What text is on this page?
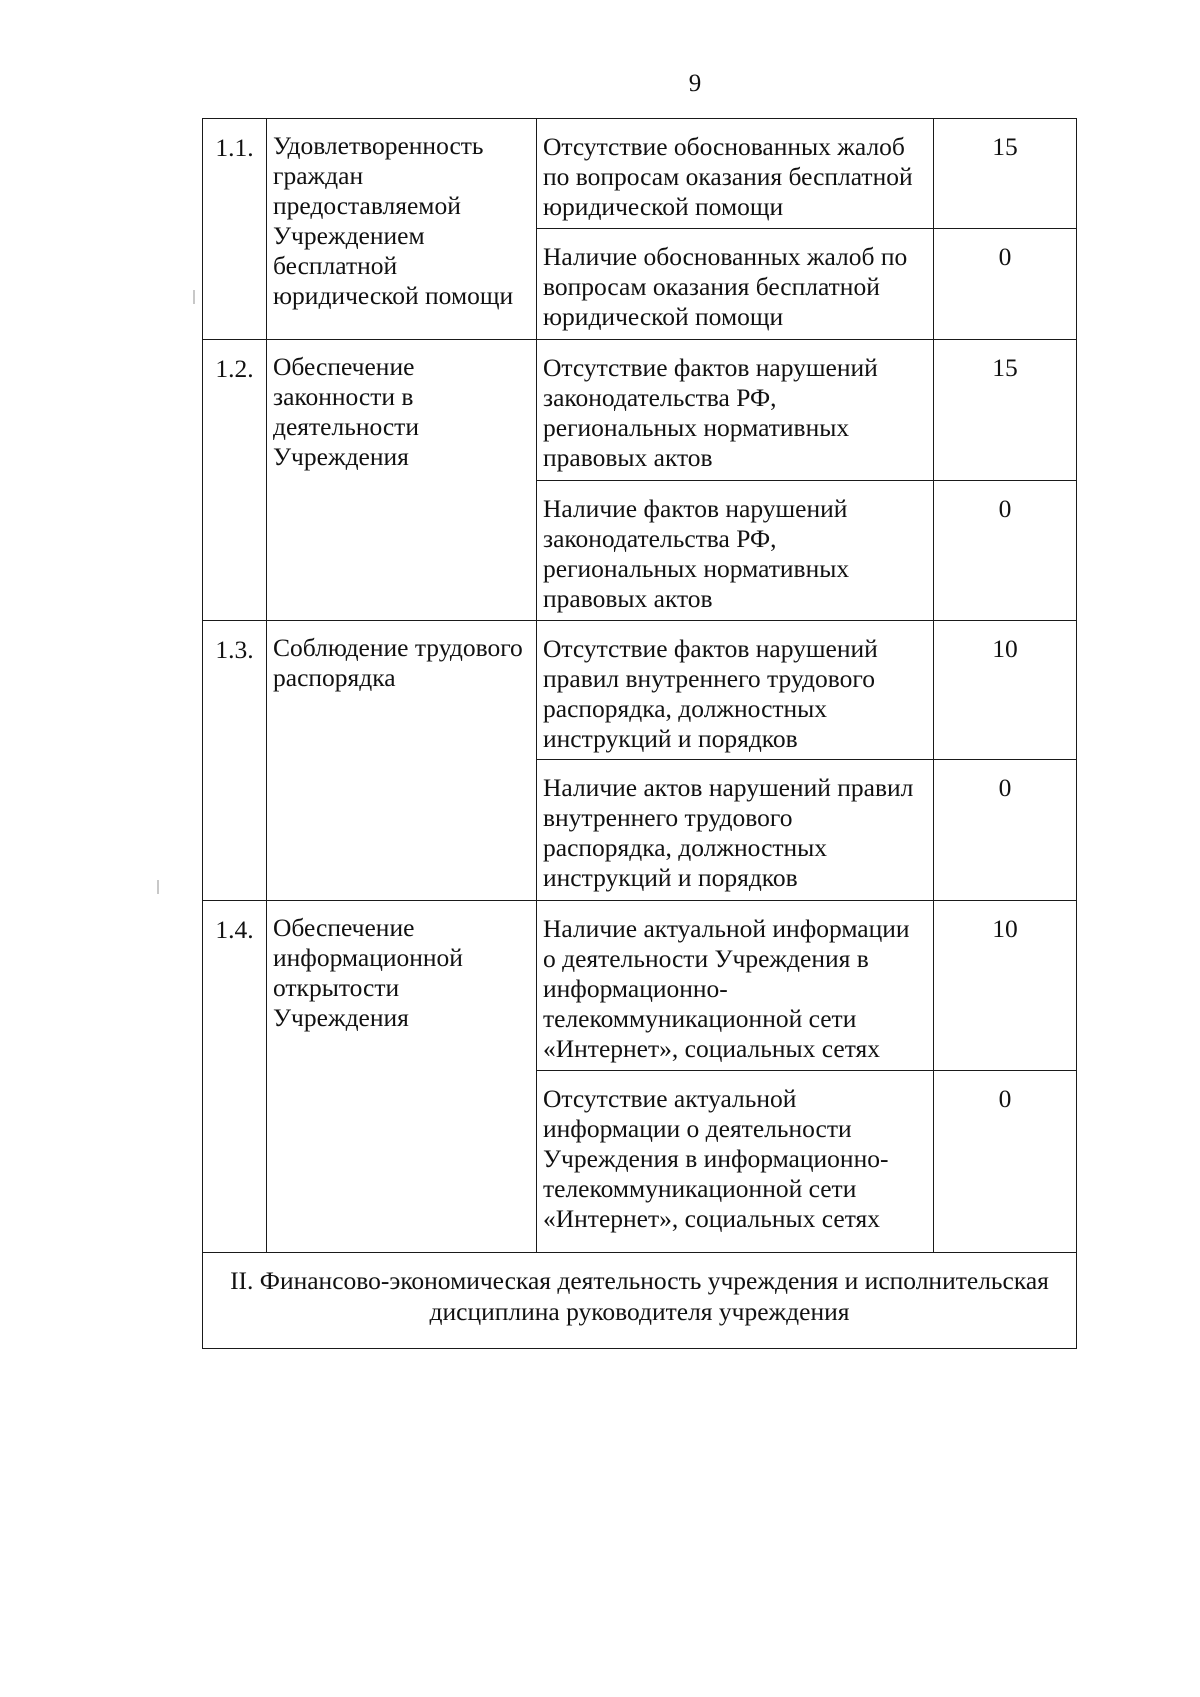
9
1.1.	Удовлетворенность граждан предоставляемой Учреждением бесплатной юридической помощи	Отсутствие обоснованных жалоб по вопросам оказания бесплатной юридической помощи	15
		Наличие обоснованных жалоб по вопросам оказания бесплатной юридической помощи	0
1.2.	Обеспечение законности в деятельности Учреждения	Отсутствие фактов нарушений законодательства РФ, региональных нормативных правовых актов	15
		Наличие фактов нарушений законодательства РФ, региональных нормативных правовых актов	0
1.3.	Соблюдение трудового распорядка	Отсутствие фактов нарушений правил внутреннего трудового распорядка, должностных инструкций и порядков	10
		Наличие актов нарушений правил внутреннего трудового распорядка, должностных инструкций и порядков	0
1.4.	Обеспечение информационной открытости Учреждения	Наличие актуальной информации о деятельности Учреждения в информационно-телекоммуникационной сети «Интернет», социальных сетях	10
		Отсутствие актуальной информации о деятельности Учреждения в информационно-телекоммуникационной сети «Интернет», социальных сетях	0
II. Финансово-экономическая деятельность учреждения и исполнительская дисциплина руководителя учреждения			
